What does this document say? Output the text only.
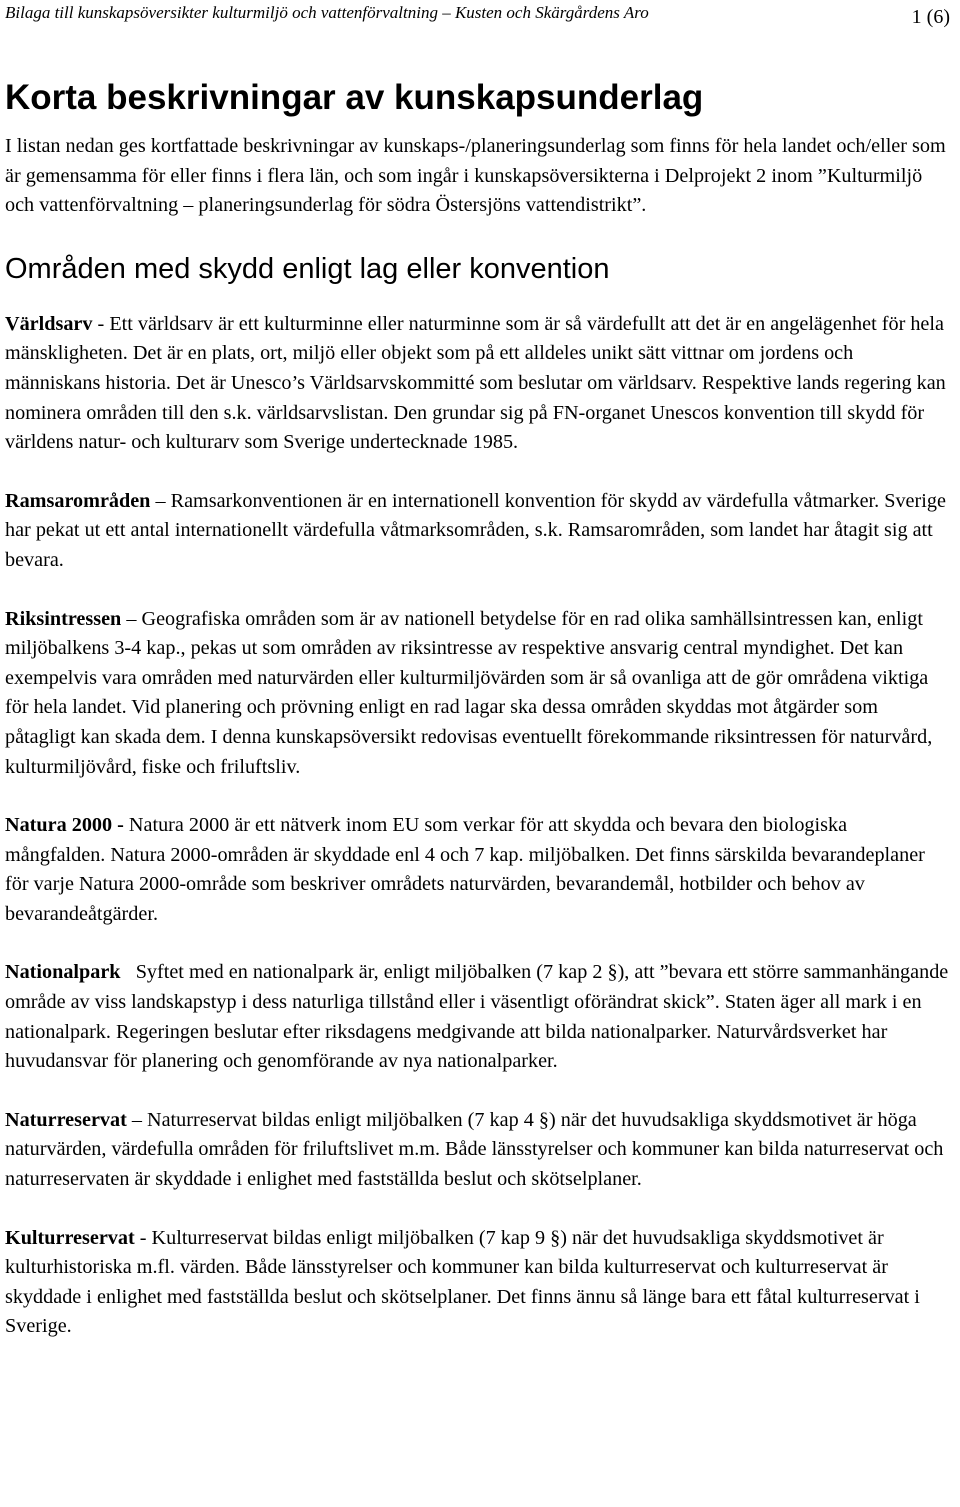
Bilaga till kunskapsöversikter kulturmiljö och vattenförvaltning – Kusten och Skärgårdens Aro	1 (6)
Korta beskrivningar av kunskapsunderlag

I listan nedan ges kortfattade beskrivningar av kunskaps-/planeringsunderlag som finns för hela landet och/eller som är gemensamma för eller finns i flera län, och som ingår i kunskapsöversikterna i Delprojekt 2 inom ”Kulturmiljö och vattenförvaltning – planeringsunderlag för södra Östersjöns vattendistrikt”.

Områden med skydd enligt lag eller konvention

Världsarv - Ett världsarv är ett kulturminne eller naturminne som är så värdefullt att det är en angelägenhet för hela mänskligheten. Det är en plats, ort, miljö eller objekt som på ett alldeles unikt sätt vittnar om jordens och människans historia. Det är Unesco’s Världsarvskommitté som beslutar om världsarv. Respektive lands regering kan nominera områden till den s.k. världsarvslistan. Den grundar sig på FN-organet Unescos konvention till skydd för världens natur- och kulturarv som Sverige undertecknade 1985.

Ramsarområden – Ramsarkonventionen är en internationell konvention för skydd av värdefulla våtmarker. Sverige har pekat ut ett antal internationellt värdefulla våtmarksområden, s.k. Ramsarområden, som landet har åtagit sig att bevara.

Riksintressen – Geografiska områden som är av nationell betydelse för en rad olika samhällsintressen kan, enligt miljöbalkens 3-4 kap., pekas ut som områden av riksintresse av respektive ansvarig central myndighet. Det kan exempelvis vara områden med naturvärden eller kulturmiljövärden som är så ovanliga att de gör områdena viktiga för hela landet. Vid planering och prövning enligt en rad lagar ska dessa områden skyddas mot åtgärder som påtagligt kan skada dem. I denna kunskapsöversikt redovisas eventuellt förekommande riksintressen för naturvård, kulturmiljövård, fiske och friluftsliv.

Natura 2000 - Natura 2000 är ett nätverk inom EU som verkar för att skydda och bevara den biologiska mångfalden. Natura 2000-områden är skyddade enl 4 och 7 kap. miljöbalken. Det finns särskilda bevarandeplaner för varje Natura 2000-område som beskriver områdets naturvärden, bevarandemål, hotbilder och behov av bevarandeåtgärder.

Nationalpark Syftet med en nationalpark är, enligt miljöbalken (7 kap 2 §), att ”bevara ett större sammanhängande område av viss landskapstyp i dess naturliga tillstånd eller i väsentligt oförändrat skick”. Staten äger all mark i en nationalpark. Regeringen beslutar efter riksdagens medgivande att bilda nationalparker. Naturvårdsverket har huvudansvar för planering och genomförande av nya nationalparker.

Naturreservat – Naturreservat bildas enligt miljöbalken (7 kap 4 §) när det huvudsakliga skyddsmotivet är höga naturvärden, värdefulla områden för friluftslivet m.m. Både länsstyrelser och kommuner kan bilda naturreservat och naturreservaten är skyddade i enlighet med fastställda beslut och skötselplaner.

Kulturreservat - Kulturreservat bildas enligt miljöbalken (7 kap 9 §) när det huvudsakliga skyddsmotivet är kulturhistoriska m.fl. värden. Både länsstyrelser och kommuner kan bilda kulturreservat och kulturreservat är skyddade i enlighet med fastställda beslut och skötselplaner. Det finns ännu så länge bara ett fåtal kulturreservat i Sverige.
